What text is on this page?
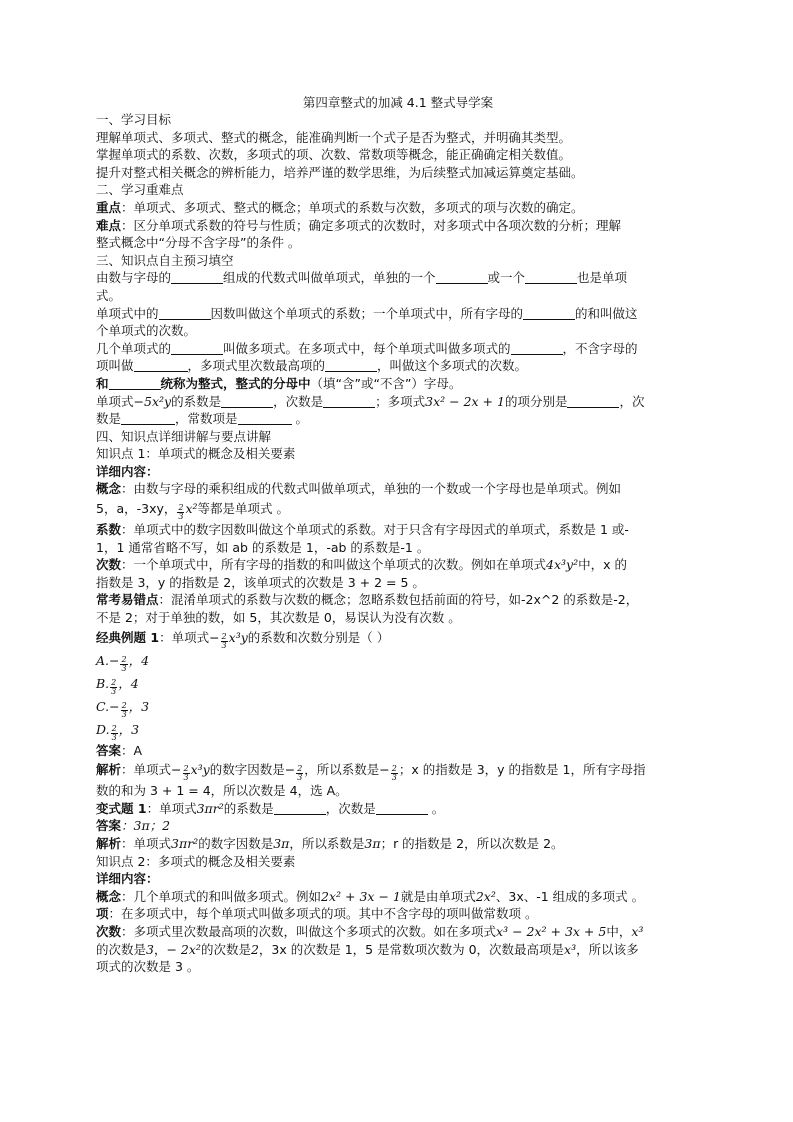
第四章整式的加减 4.1 整式导学案
一、学习目标
理解单项式、多项式、整式的概念，能准确判断一个式子是否为整式，并明确其类型。
掌握单项式的系数、次数，多项式的项、次数、常数项等概念，能正确确定相关数值。
提升对整式相关概念的辨析能力，培养严谨的数学思维，为后续整式加减运算奠定基础。
二、学习重难点
重点：单项式、多项式、整式的概念；单项式的系数与次数，多项式的项与次数的确定。
难点：区分单项式系数的符号与性质；确定多项式的次数时，对多项式中各项次数的分析；理解
整式概念中“分母不含字母”的条件 。
三、知识点自主预习填空
由数与字母的	组成的代数式叫做单项式，单独的一个	或一个	也是单项
式。
单项式中的	因数叫做这个单项式的系数；一个单项式中，所有字母的	的和叫做这
个单项式的次数。
几个单项式的	叫做多项式。在多项式中，每个单项式叫做多项式的	，不含字母的
项叫做	，多项式里次数最高项的	，叫做这个多项式的次数。
和	统称为整式，整式的分母中（填“含”或“不含”）字母。
单项式−5x²y的系数是	，次数是	；多项式3x² − 2x + 1的项分别是	，次
数是	，常数项是	。
四、知识点详细讲解与要点讲解
知识点 1：单项式的概念及相关要素
详细内容：
概念：由数与字母的乘积组成的代数式叫做单项式，单独的一个数或一个字母也是单项式。例如
5，a，-3xy， $\frac{2}{3} x^2$等都是单项式 。
系数：单项式中的数字因数叫做这个单项式的系数。对于只含有字母因式的单项式，系数是 1 或-
1，1 通常省略不写，如 ab 的系数是 1，-ab 的系数是-1 。
次数：一个单项式中，所有字母的指数的和叫做这个单项式的次数。例如在单项式4x³y²中，x 的
指数是 3，y 的指数是 2，该单项式的次数是 3 + 2 = 5 。
常考易错点：混淆单项式的系数与次数的概念；忽略系数包括前面的符号，如-2x^2 的系数是-2，
不是 2；对于单独的数，如 5，其次数是 0，易误认为没有次数 。
经典例题 1：单项式− $\frac{2}{3} x^3y$的系数和次数分别是（ ）
$A.- \frac{2}{3}$ ，4
B. $\frac{2}{3}$ ，4
$C.- \frac{2}{3}$ ，3
D. $\frac{2}{3}$ ，3
答案：A
解析：单项式− $\frac{2}{3} x^3y$的数字因数是− $\frac{2}{3}$ ，所以系数是− $\frac{2}{3}$ ；x 的指数是 3，y 的指数是 1，所有字母指
数的和为 3 + 1 = 4，所以次数是 4，选 A。
变式题 1：单项式3πr²的系数是	，次数是	。
答案：3π；2
解析：单项式3πr²的数字因数是3π，所以系数是3π；r 的指数是 2，所以次数是 2。
知识点 2：多项式的概念及相关要素
详细内容：
概念：几个单项式的和叫做多项式。例如2x² + 3x − 1就是由单项式2x²、3x、-1 组成的多项式 。
项：在多项式中，每个单项式叫做多项式的项。其中不含字母的项叫做常数项 。
次数：多项式里次数最高项的次数，叫做这个多项式的次数。如在多项式x³ − 2x² + 3x + 5中，x³
的次数是3，− 2x²的次数是2，3x 的次数是 1，5 是常数项次数为 0，次数最高项是x³，所以该多
项式的次数是 3 。
